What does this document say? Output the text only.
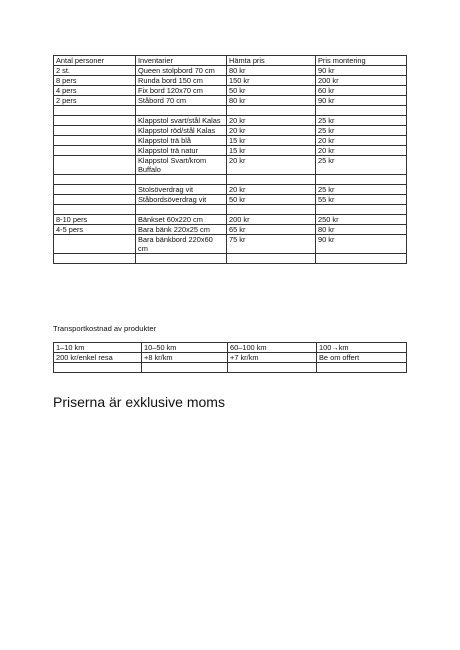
Antal personer	Inventarier	Hämta pris	Pris montering
2 st.	Queen stolpbord 70 cm	80 kr	90 kr
8 pers	Runda bord 150 cm	150 kr	200 kr
4 pers	Fix bord 120x70 cm	50 kr	60 kr
2 pers	Ståbord 70 cm	80 kr	90 kr

	Klappstol svart/stål Kalas	20 kr	25 kr
	Klappstol röd/stål Kalas	20 kr	25 kr
	Klappstol trä blå	15 kr	20 kr
	Klappstol trä natur	15 kr	20 kr
	Klappstol Svart/krom Buffalo	20 kr	25 kr

	Stolsöverdrag vit	20 kr	25 kr
	Ståbordsöverdrag vit	50 kr	55 kr

8-10 pers	Bänkset 60x220 cm	200 kr	250 kr
4-5 pers	Bara bänk 220x25 cm	65 kr	80 kr
	Bara bänkbord 220x60 cm	75 kr	90 kr

Transportkostnad av produkter

1–10 km	10–50 km	60–100 km	100→km
200 kr/enkel resa	+8 kr/km	+7 kr/km	Be om offert

Priserna är exklusive moms
